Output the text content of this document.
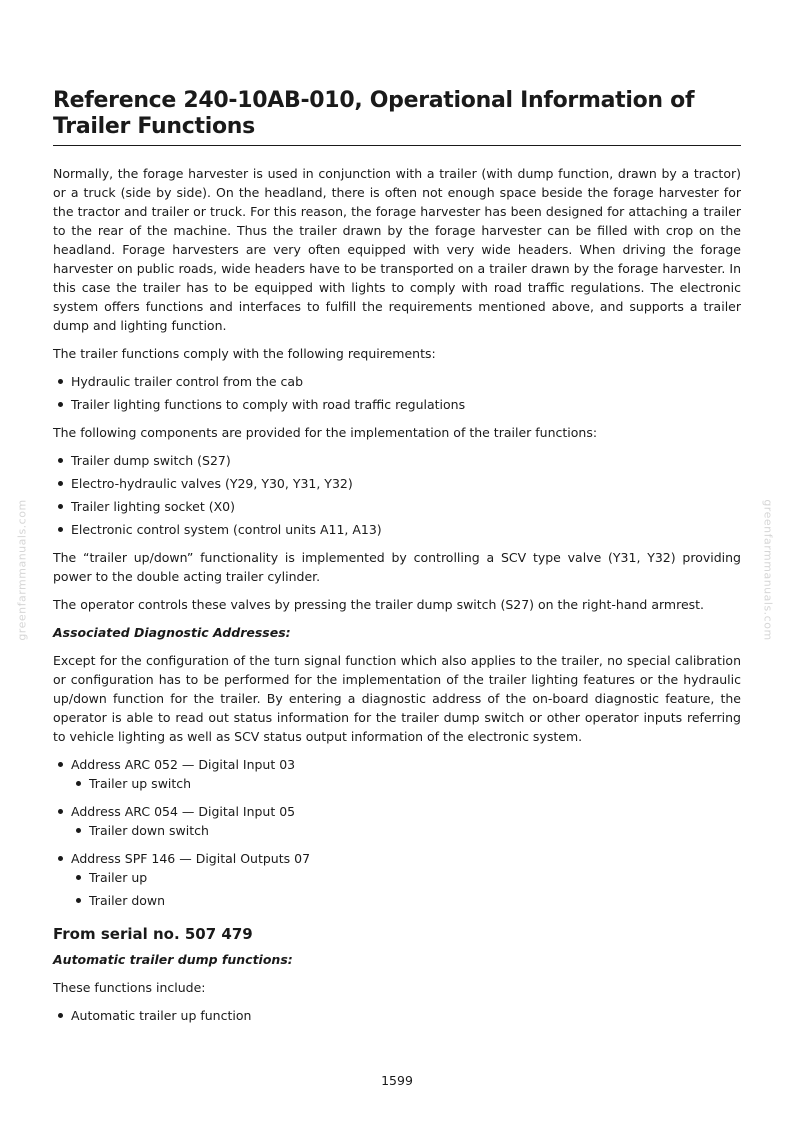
greenfarmmanuals.com	greenfarmmanuals.com
Reference 240-10AB-010, Operational Information of
Trailer Functions

Normally, the forage harvester is used in conjunction with a trailer (with dump function, drawn by a tractor) or a truck (side by side). On the headland, there is often not enough space beside the forage harvester for the tractor and trailer or truck. For this reason, the forage harvester has been designed for attaching a trailer to the rear of the machine. Thus the trailer drawn by the forage harvester can be filled with crop on the headland. Forage harvesters are very often equipped with very wide headers. When driving the forage harvester on public roads, wide headers have to be transported on a trailer drawn by the forage harvester. In this case the trailer has to be equipped with lights to comply with road traffic regulations. The electronic system offers functions and interfaces to fulfill the requirements mentioned above, and supports a trailer dump and lighting function.

The trailer functions comply with the following requirements:

Hydraulic trailer control from the cab
Trailer lighting functions to comply with road traffic regulations

The following components are provided for the implementation of the trailer functions:

Trailer dump switch (S27)
Electro-hydraulic valves (Y29, Y30, Y31, Y32)
Trailer lighting socket (X0)
Electronic control system (control units A11, A13)

The “trailer up/down” functionality is implemented by controlling a SCV type valve (Y31, Y32) providing power to the double acting trailer cylinder.

The operator controls these valves by pressing the trailer dump switch (S27) on the right-hand armrest.

Associated Diagnostic Addresses:

Except for the configuration of the turn signal function which also applies to the trailer, no special calibration or configuration has to be performed for the implementation of the trailer lighting features or the hydraulic up/down function for the trailer. By entering a diagnostic address of the on-board diagnostic feature, the operator is able to read out status information for the trailer dump switch or other operator inputs referring to vehicle lighting as well as SCV status output information of the electronic system.

Address ARC 052 — Digital Input 03
Trailer up switch
Address ARC 054 — Digital Input 05
Trailer down switch
Address SPF 146 — Digital Outputs 07
Trailer up
Trailer down
From serial no. 507 479

Automatic trailer dump functions:

These functions include:

Automatic trailer up function
1599
